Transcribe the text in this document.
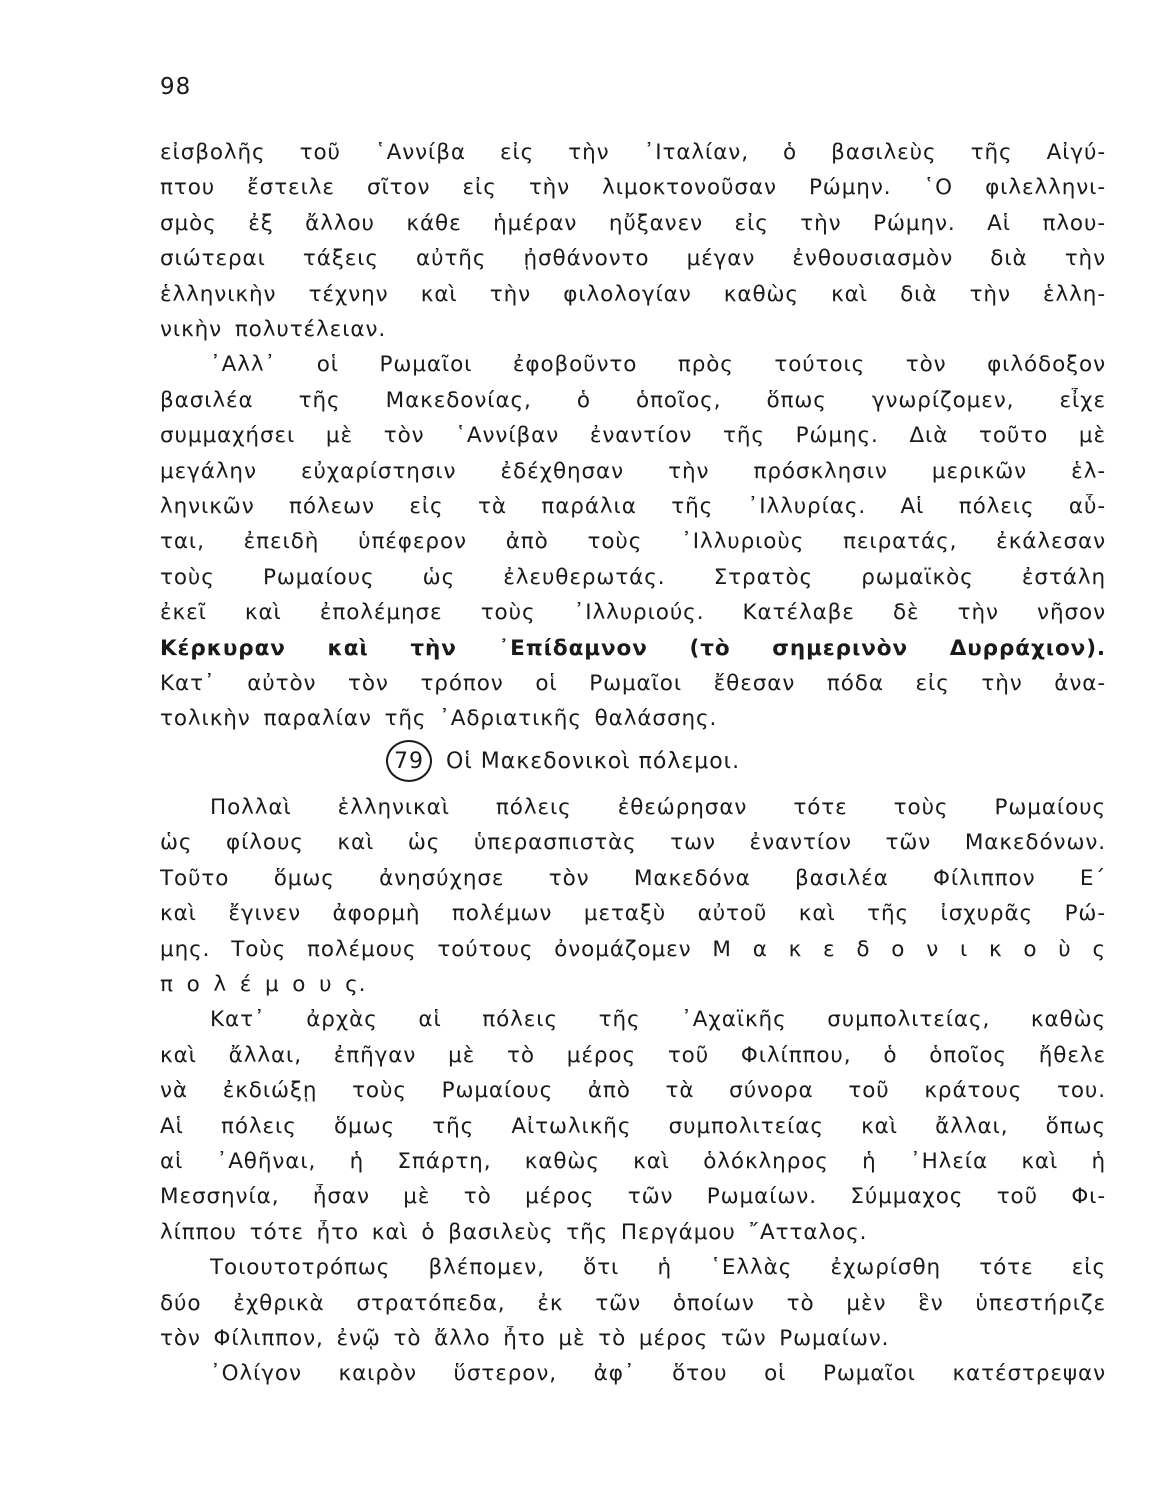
98
εἰσβολῆς τοῦ ῾Αννίβα εἰς τὴν ᾿Ιταλίαν, ὁ βασιλεὺς τῆς Αἰγύ-
πτου ἔστειλε σῖτον εἰς τὴν λιμοκτονοῦσαν Ρώμην. ῾Ο φιλελληνι-
σμὸς ἐξ ἄλλου κάθε ἡμέραν ηὔξανεν εἰς τὴν Ρώμην. Αἱ πλου-
σιώτεραι τάξεις αὐτῆς ᾐσθάνοντο μέγαν ἐνθουσιασμὸν διὰ τὴν
ἑλληνικὴν τέχνην καὶ τὴν φιλολογίαν καθὼς καὶ διὰ τὴν ἑλλη-
νικὴν πολυτέλειαν.
᾿Αλλ᾿ οἱ Ρωμαῖοι ἐφοβοῦντο πρὸς τούτοις τὸν φιλόδοξον
βασιλέα τῆς Μακεδονίας, ὁ ὁποῖος, ὅπως γνωρίζομεν, εἶχε
συμμαχήσει μὲ τὸν ῾Αννίβαν ἐναντίον τῆς Ρώμης. Διὰ τοῦτο μὲ
μεγάλην εὐχαρίστησιν ἐδέχθησαν τὴν πρόσκλησιν μερικῶν ἑλ-
ληνικῶν πόλεων εἰς τὰ παράλια τῆς ᾿Ιλλυρίας. Αἱ πόλεις αὗ-
ται, ἐπειδὴ ὑπέφερον ἀπὸ τοὺς ᾿Ιλλυριοὺς πειρατάς, ἐκάλεσαν
τοὺς Ρωμαίους ὡς ἐλευθερωτάς. Στρατὸς ρωμαϊκὸς ἐστάλη
ἐκεῖ καὶ ἐπολέμησε τοὺς ᾿Ιλλυριούς. Κατέλαβε δὲ τὴν νῆσον
Κέρκυραν καὶ τὴν ᾿Επίδαμνον (τὸ σημερινὸν Δυρράχιον).
Κατ᾿ αὐτὸν τὸν τρόπον οἱ Ρωμαῖοι ἔθεσαν πόδα εἰς τὴν ἀνα-
τολικὴν παραλίαν τῆς ᾿Αδριατικῆς θαλάσσης.
79	Οἱ Μακεδονικοὶ πόλεμοι.
Πολλαὶ ἑλληνικαὶ πόλεις ἐθεώρησαν τότε τοὺς Ρωμαίους
ὡς φίλους καὶ ὡς ὑπερασπιστὰς των ἐναντίον τῶν Μακεδόνων.
Τοῦτο ὅμως ἀνησύχησε τὸν Μακεδόνα βασιλέα Φίλιππον Ε΄
καὶ ἔγινεν ἀφορμὴ πολέμων μεταξὺ αὐτοῦ καὶ τῆς ἰσχυρᾶς Ρώ-
μης. Τοὺς πολέμους τούτους ὀνομάζομεν Μ α κ ε δ ο ν ι κ ο ὺ ς
π ο λ έ μ ο υ ς.
Κατ᾿ ἀρχὰς αἱ πόλεις τῆς ᾿Αχαϊκῆς συμπολιτείας, καθὼς
καὶ ἄλλαι, ἐπῆγαν μὲ τὸ μέρος τοῦ Φιλίππου, ὁ ὁποῖος ἤθελε
νὰ ἐκδιώξῃ τοὺς Ρωμαίους ἀπὸ τὰ σύνορα τοῦ κράτους του.
Αἱ πόλεις ὅμως τῆς Αἰτωλικῆς συμπολιτείας καὶ ἄλλαι, ὅπως
αἱ ᾿Αθῆναι, ἡ Σπάρτη, καθὼς καὶ ὁλόκληρος ἡ ᾿Ηλεία καὶ ἡ
Μεσσηνία, ἦσαν μὲ τὸ μέρος τῶν Ρωμαίων. Σύμμαχος τοῦ Φι-
λίππου τότε ἦτο καὶ ὁ βασιλεὺς τῆς Περγάμου ῎Ατταλος.
Τοιουτοτρόπως βλέπομεν, ὅτι ἡ ῾Ελλὰς ἐχωρίσθη τότε εἰς
δύο ἐχθρικὰ στρατόπεδα, ἐκ τῶν ὁποίων τὸ μὲν ἓν ὑπεστήριζε
τὸν Φίλιππον, ἐνῷ τὸ ἄλλο ἦτο μὲ τὸ μέρος τῶν Ρωμαίων.
᾿Ολίγον καιρὸν ὕστερον, ἀφ᾿ ὅτου οἱ Ρωμαῖοι κατέστρεψαν
